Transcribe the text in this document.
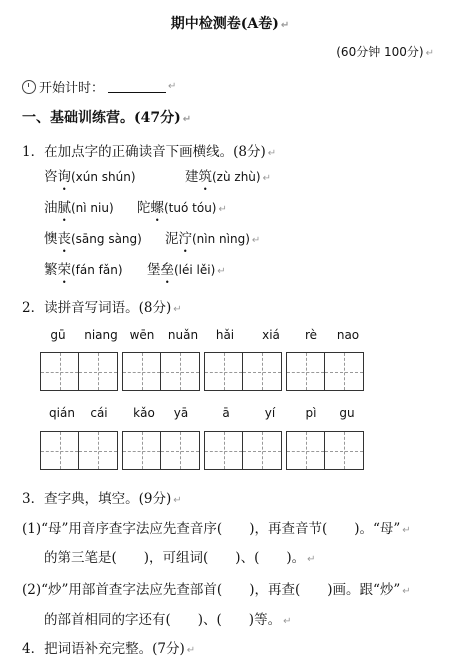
期中检测卷(A卷) ↵
(60分钟 100分) ↵
开始计时：	↵
一、基础训练营。(47分) ↵
1．在加点字的正确读音下画横线。(8分) ↵
咨询(xún shún)	建筑(zù zhù) ↵
油腻(nì niu) 陀螺(tuó tóu) ↵
懊丧(sāng sàng) 泥泞(nìn nìng) ↵
繁荣(fán fǎn) 堡垒(léi lěi) ↵
2．读拼音写词语。(8分) ↵
gū niang wēn nuǎn hǎi xiá rè nao
qián cái kǎo yā	ā	yí	pì gu
3．查字典，填空。(9分) ↵
(1)“母”用音序查字法应先查音序(　　)，再查音节(　　)。“母” ↵
的第三笔是(　　)，可组词(　　)、(　　)。 ↵
(2)“炒”用部首查字法应先查部首(　　)，再查(　　)画。跟“炒” ↵
的部首相同的字还有(　　)、(　　)等。 ↵
4．把词语补充完整。(7分) ↵
